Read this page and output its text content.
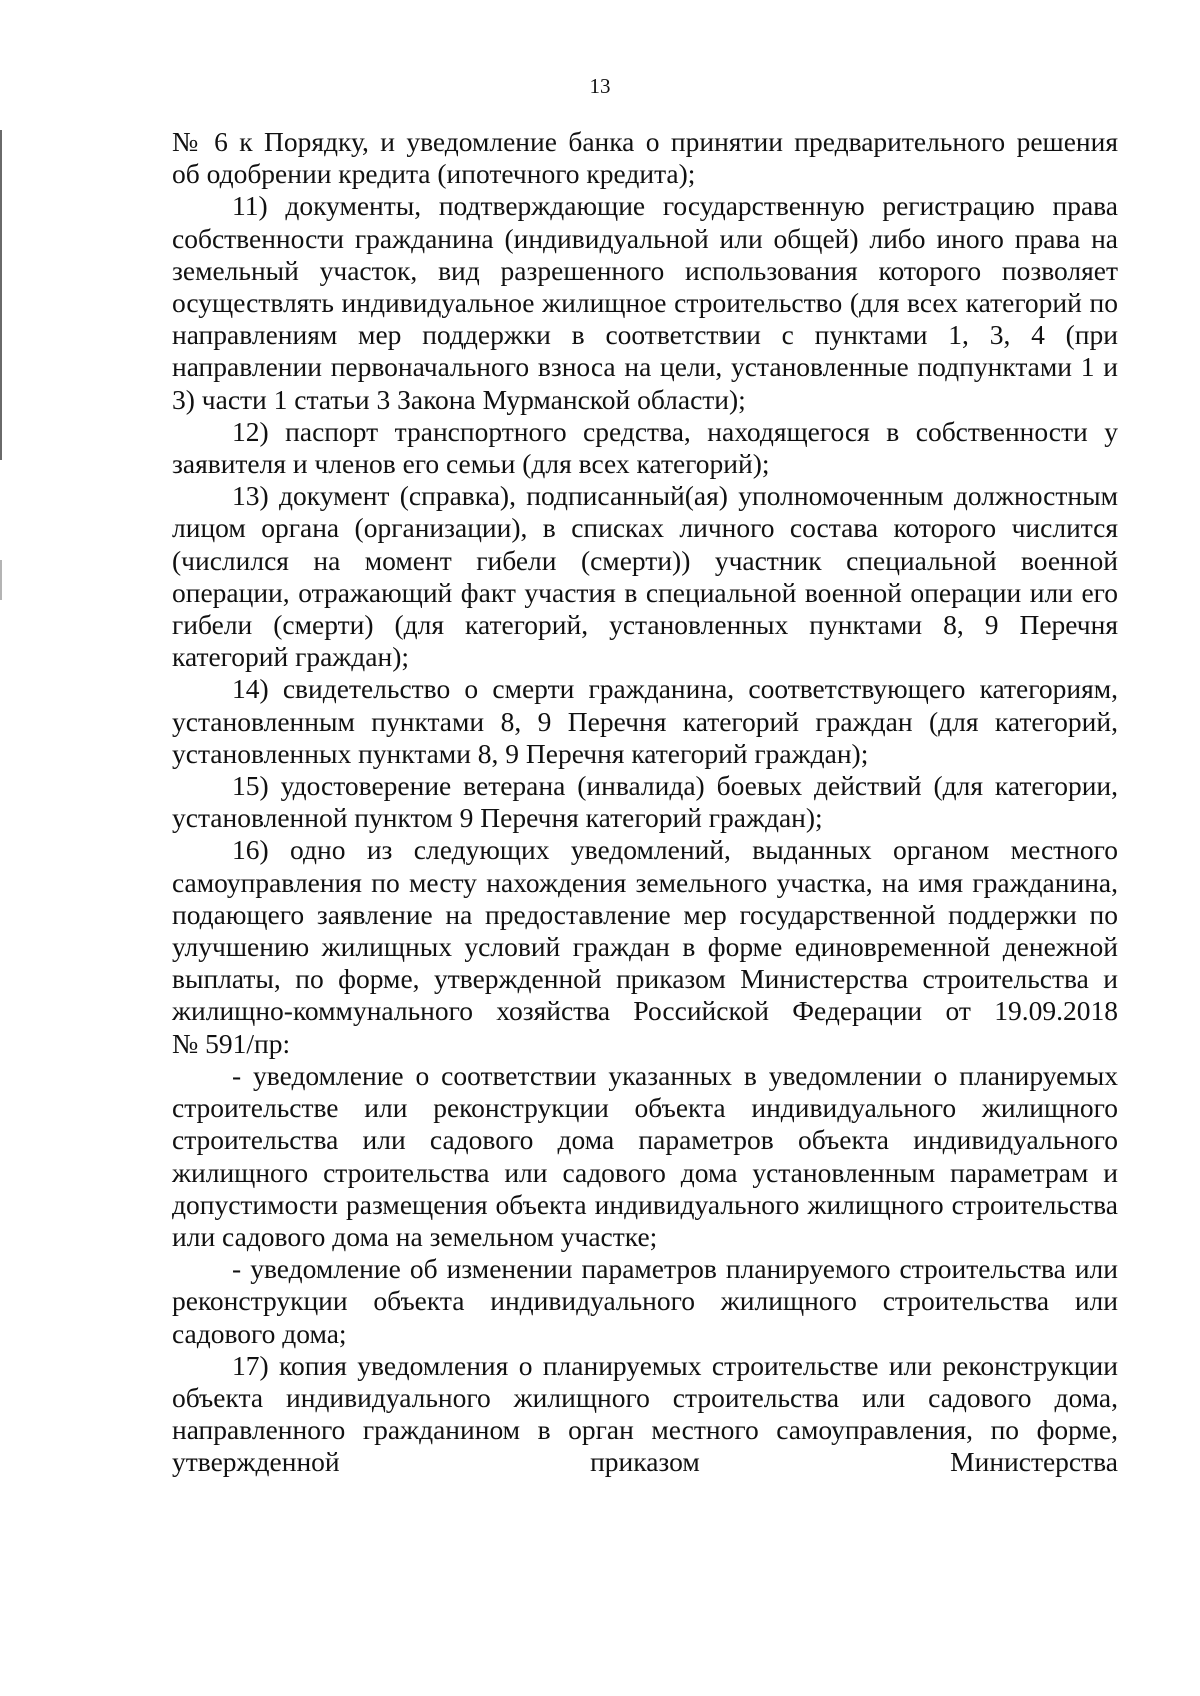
13

№ 6 к Порядку, и уведомление банка о принятии предварительного решения
об одобрении кредита (ипотечного кредита);

11) документы, подтверждающие государственную регистрацию права собственности гражданина (индивидуальной или общей) либо иного права на земельный участок, вид разрешенного использования которого позволяет осуществлять индивидуальное жилищное строительство (для всех категорий по направлениям мер поддержки в соответствии с пунктами 1, 3, 4 (при направлении первоначального взноса на цели, установленные подпунктами 1 и 3) части 1 статьи 3 Закона Мурманской области);

12) паспорт транспортного средства, находящегося в собственности у заявителя и членов его семьи (для всех категорий);

13) документ (справка), подписанный(ая) уполномоченным должностным лицом органа (организации), в списках личного состава которого числится (числился на момент гибели (смерти)) участник специальной военной операции, отражающий факт участия в специальной военной операции или его гибели (смерти) (для категорий, установленных пунктами 8, 9 Перечня категорий граждан);

14) свидетельство о смерти гражданина, соответствующего категориям, установленным пунктами 8, 9 Перечня категорий граждан (для категорий, установленных пунктами 8, 9 Перечня категорий граждан);

15) удостоверение ветерана (инвалида) боевых действий (для категории, установленной пунктом 9 Перечня категорий граждан);

16) одно из следующих уведомлений, выданных органом местного самоуправления по месту нахождения земельного участка, на имя гражданина, подающего заявление на предоставление мер государственной поддержки по улучшению жилищных условий граждан в форме единовременной денежной выплаты, по форме, утвержденной приказом Министерства строительства и жилищно-коммунального хозяйства Российской Федерации от 19.09.2018

№ 591/пр:

- уведомление о соответствии указанных в уведомлении о планируемых строительстве или реконструкции объекта индивидуального жилищного строительства или садового дома параметров объекта индивидуального жилищного строительства или садового дома установленным параметрам и допустимости размещения объекта индивидуального жилищного строительства или садового дома на земельном участке;

- уведомление об изменении параметров планируемого строительства или реконструкции объекта индивидуального жилищного строительства или садового дома;

17) копия уведомления о планируемых строительстве или реконструкции объекта индивидуального жилищного строительства или садового дома, направленного гражданином в орган местного самоуправления, по форме, утвержденной приказом Министерства
